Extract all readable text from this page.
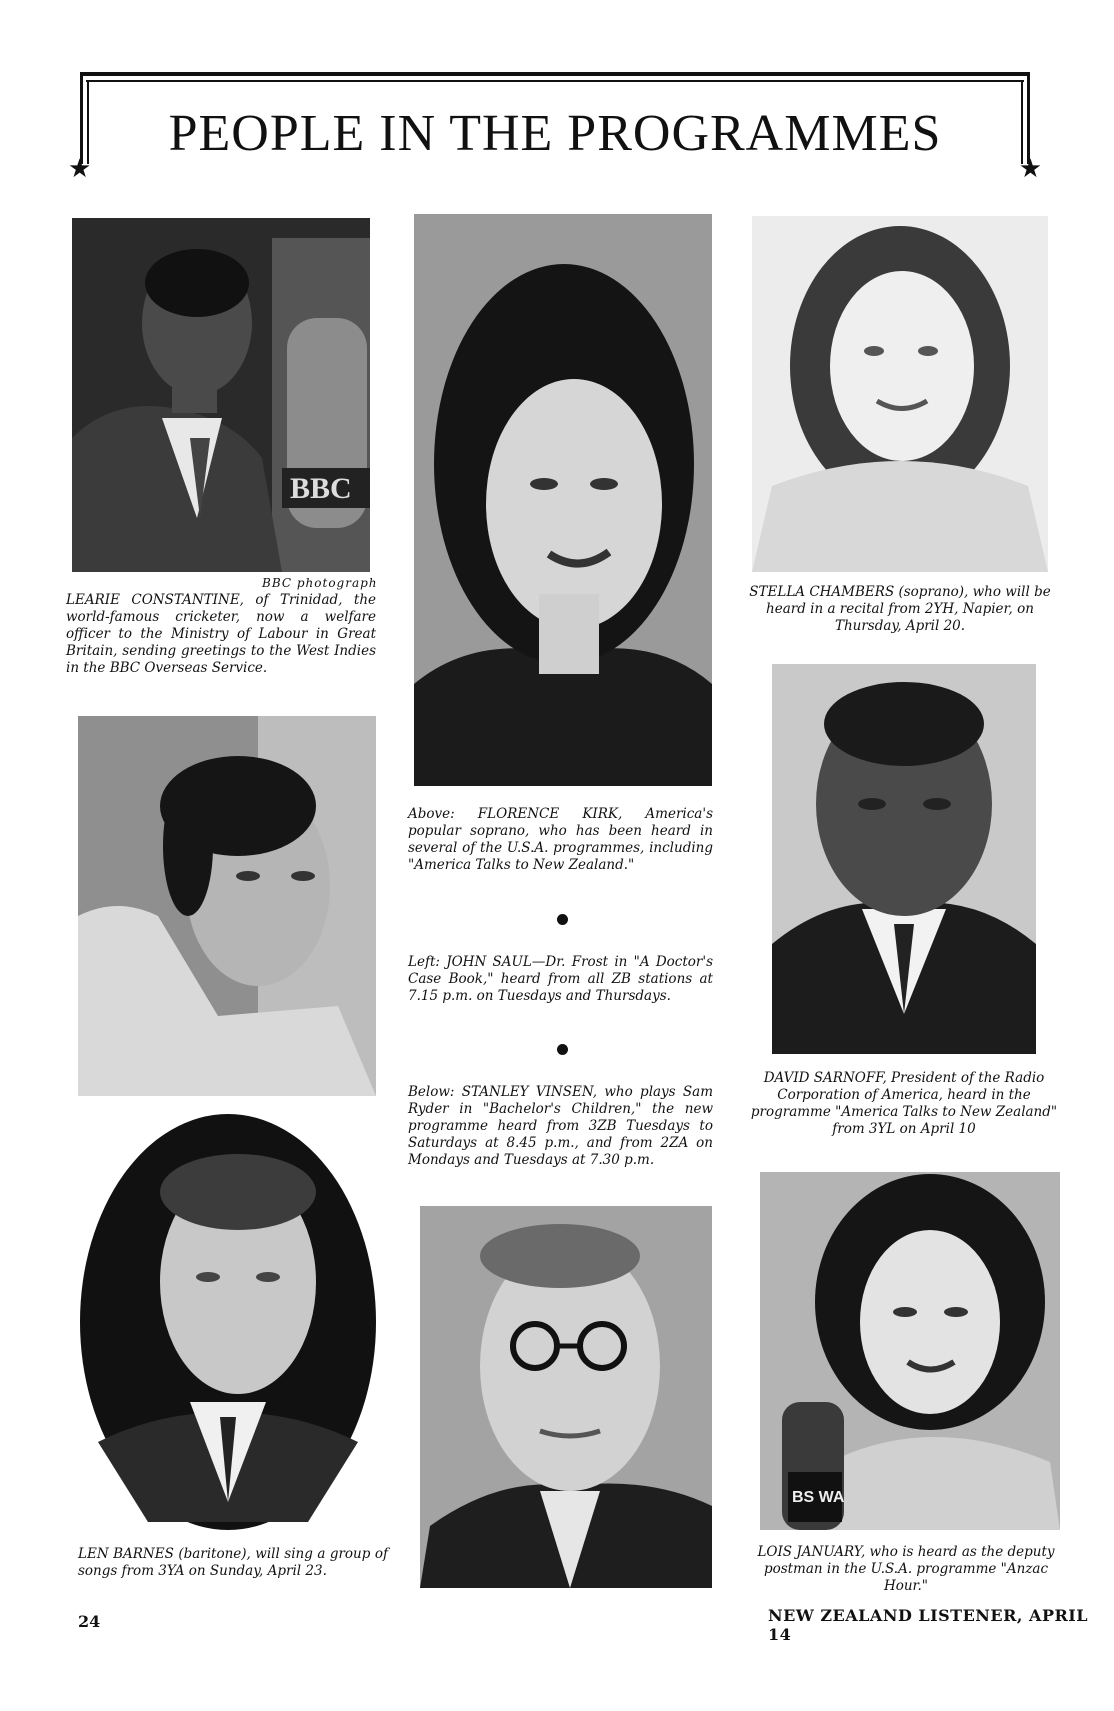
★	★
PEOPLE IN THE PROGRAMMES
BBC
BBC photograph
LEARIE CONSTANTINE, of Trinidad, the world-famous cricketer, now a welfare officer to the Ministry of Labour in Great Britain, sending greetings to the West Indies in the BBC Overseas Service.
Above: FLORENCE KIRK, America's popular soprano, who has been heard in several of the U.S.A. programmes, including "America Talks to New Zealand."
STELLA CHAMBERS (soprano), who will be heard in a recital from 2YH, Napier, on Thursday, April 20.
Left: JOHN SAUL—Dr. Frost in "A Doctor's Case Book," heard from all ZB stations at 7.15 p.m. on Tuesdays and Thursdays.
DAVID SARNOFF, President of the Radio Corporation of America, heard in the programme "America Talks to New Zealand" from 3YL on April 10
Below: STANLEY VINSEN, who plays Sam Ryder in "Bachelor's Children," the new programme heard from 3ZB Tuesdays to Saturdays at 8.45 p.m., and from 2ZA on Mondays and Tuesdays at 7.30 p.m.
LEN BARNES (baritone), will sing a group of songs from 3YA on Sunday, April 23.
BS WA
LOIS JANUARY, who is heard as the deputy postman in the U.S.A. programme "Anzac Hour."
24	NEW ZEALAND LISTENER, APRIL 14
